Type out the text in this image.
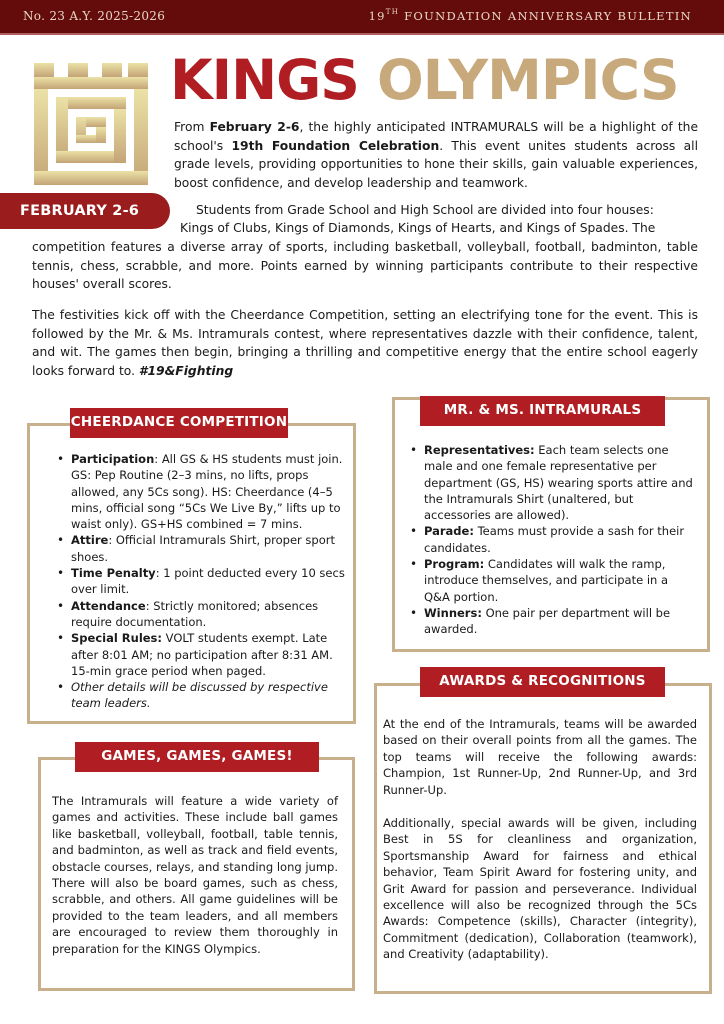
No. 23 A.Y. 2025-2026	19TH FOUNDATION ANNIVERSARY BULLETIN
KINGS OLYMPICS
FEBRUARY 2-6
From February 2-6, the highly anticipated INTRAMURALS will be a highlight of the school's 19th Foundation Celebration. This event unites students across all grade levels, providing opportunities to hone their skills, gain valuable experiences, boost confidence, and develop leadership and teamwork.
Students from Grade School and High School are divided into four houses:
Kings of Clubs, Kings of Diamonds, Kings of Hearts, and Kings of Spades. The
competition features a diverse array of sports, including basketball, volleyball, football, badminton, table tennis, chess, scrabble, and more. Points earned by winning participants contribute to their respective houses' overall scores.
The festivities kick off with the Cheerdance Competition, setting an electrifying tone for the event. This is followed by the Mr. & Ms. Intramurals contest, where representatives dazzle with their confidence, talent, and wit. The games then begin, bringing a thrilling and competitive energy that the entire school eagerly looks forward to. #19&Fighting
CHEERDANCE COMPETITION
• Participation: All GS & HS students must join. GS: Pep Routine (2–3 mins, no lifts, props allowed, any 5Cs song). HS: Cheerdance (4–5 mins, official song “5Cs We Live By,” lifts up to waist only). GS+HS combined = 7 mins.
• Attire: Official Intramurals Shirt, proper sport shoes.
• Time Penalty: 1 point deducted every 10 secs over limit.
• Attendance: Strictly monitored; absences require documentation.
• Special Rules: VOLT students exempt. Late after 8:01 AM; no participation after 8:31 AM. 15-min grace period when paged.
• Other details will be discussed by respective team leaders.
MR. & MS. INTRAMURALS
• Representatives: Each team selects one male and one female representative per department (GS, HS) wearing sports attire and the Intramurals Shirt (unaltered, but accessories are allowed).
• Parade: Teams must provide a sash for their candidates.
• Program: Candidates will walk the ramp, introduce themselves, and participate in a Q&A portion.
• Winners: One pair per department will be awarded.
AWARDS & RECOGNITIONS
At the end of the Intramurals, teams will be awarded based on their overall points from all the games. The top teams will receive the following awards: Champion, 1st Runner-Up, 2nd Runner-Up, and 3rd Runner-Up.
Additionally, special awards will be given, including Best in 5S for cleanliness and organization, Sportsmanship Award for fairness and ethical behavior, Team Spirit Award for fostering unity, and Grit Award for passion and perseverance. Individual excellence will also be recognized through the 5Cs Awards: Competence (skills), Character (integrity), Commitment (dedication), Collaboration (teamwork), and Creativity (adaptability).
GAMES, GAMES, GAMES!
The Intramurals will feature a wide variety of games and activities. These include ball games like basketball, volleyball, football, table tennis, and badminton, as well as track and field events, obstacle courses, relays, and standing long jump. There will also be board games, such as chess, scrabble, and others. All game guidelines will be provided to the team leaders, and all members are encouraged to review them thoroughly in preparation for the KINGS Olympics.
